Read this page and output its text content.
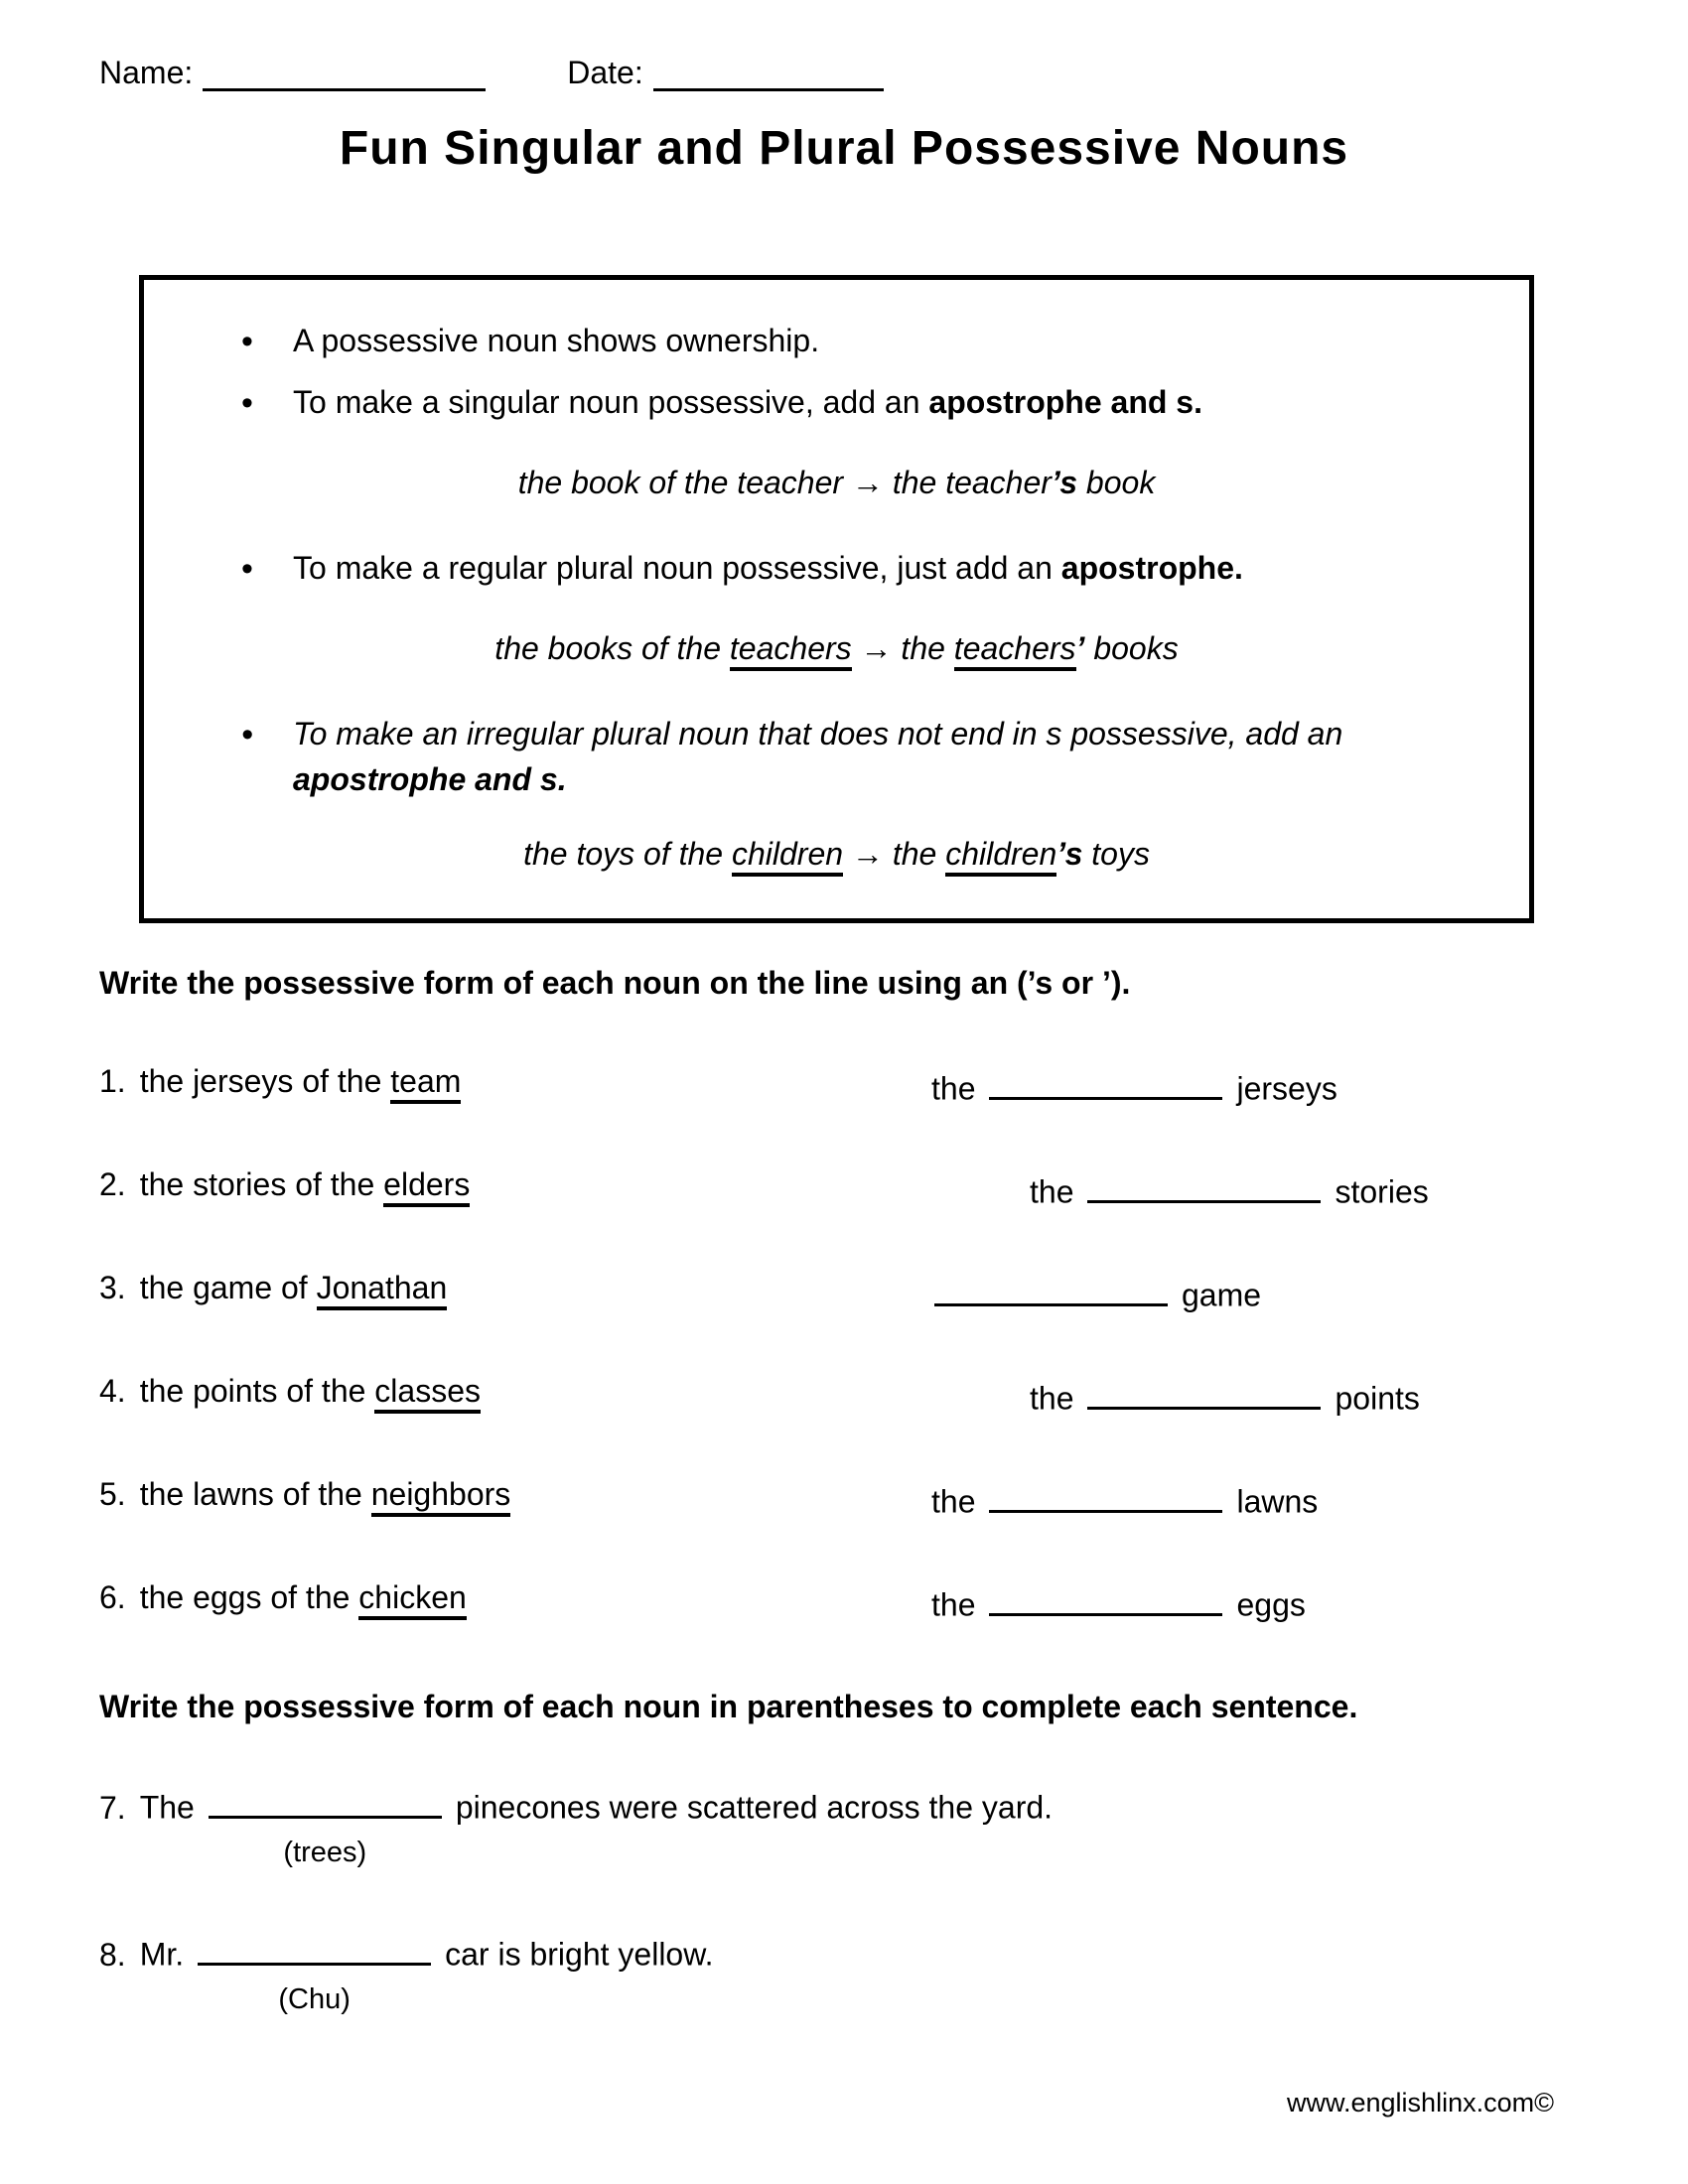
Name:	Date:
Fun Singular and Plural Possessive Nouns
• A possessive noun shows ownership.
• To make a singular noun possessive, add an apostrophe and s.
the book of the teacher → the teacher’s book
• To make a regular plural noun possessive, just add an apostrophe.
the books of the teachers → the teachers’ books
• To make an irregular plural noun that does not end in s possessive, add an apostrophe and s.
the toys of the children → the children’s toys
Write the possessive form of each noun on the line using an (’s or ’).
1. the jerseys of the team	the	jerseys
2. the stories of the elders	the	stories
3. the game of Jonathan	game
4. the points of the classes	the	points
5. the lawns of the neighbors	the	lawns
6. the eggs of the chicken	the	eggs
Write the possessive form of each noun in parentheses to complete each sentence.
7. The
(trees)
pinecones were scattered across the yard.
8. Mr.
(Chu)
car is bright yellow.
www.englishlinx.com©
